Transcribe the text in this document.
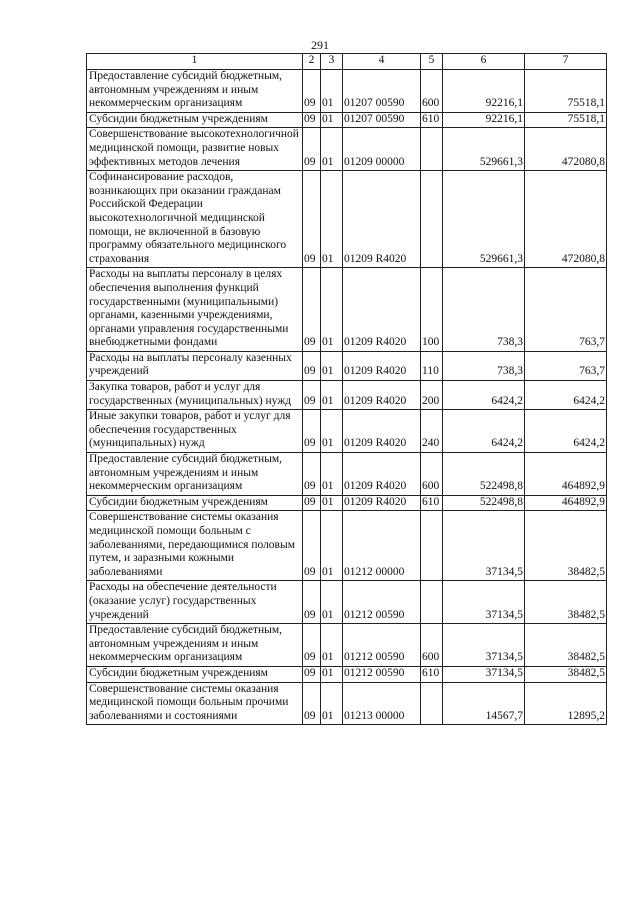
291
1	2	3	4	5	6	7
Предоставление субсидий бюджетным, автономным учреждениям и иным некоммерческим организациям	09	01	01207 00590	600	92216,1	75518,1
Субсидии бюджетным учреждениям	09	01	01207 00590	610	92216,1	75518,1
Совершенствование высокотехнологичной медицинской помощи, развитие новых эффективных методов лечения	09	01	01209 00000		529661,3	472080,8
Софинансирование расходов, возникающих при оказании гражданам Российской Федерации высокотехнологичной медицинской помощи, не включенной в базовую программу обязательного медицинского страхования	09	01	01209 R4020		529661,3	472080,8
Расходы на выплаты персоналу в целях обеспечения выполнения функций государственными (муниципальными) органами, казенными учреждениями, органами управления государственными внебюджетными фондами	09	01	01209 R4020	100	738,3	763,7
Расходы на выплаты персоналу казенных учреждений	09	01	01209 R4020	110	738,3	763,7
Закупка товаров, работ и услуг для государственных (муниципальных) нужд	09	01	01209 R4020	200	6424,2	6424,2
Иные закупки товаров, работ и услуг для обеспечения государственных (муниципальных) нужд	09	01	01209 R4020	240	6424,2	6424,2
Предоставление субсидий бюджетным, автономным учреждениям и иным некоммерческим организациям	09	01	01209 R4020	600	522498,8	464892,9
Субсидии бюджетным учреждениям	09	01	01209 R4020	610	522498,8	464892,9
Совершенствование системы оказания медицинской помощи больным с заболеваниями, передающимися половым путем, и заразными кожными заболеваниями	09	01	01212 00000		37134,5	38482,5
Расходы на обеспечение деятельности (оказание услуг) государственных учреждений	09	01	01212 00590		37134,5	38482,5
Предоставление субсидий бюджетным, автономным учреждениям и иным некоммерческим организациям	09	01	01212 00590	600	37134,5	38482,5
Субсидии бюджетным учреждениям	09	01	01212 00590	610	37134,5	38482,5
Совершенствование системы оказания медицинской помощи больным прочими заболеваниями и состояниями	09	01	01213 00000		14567,7	12895,2
